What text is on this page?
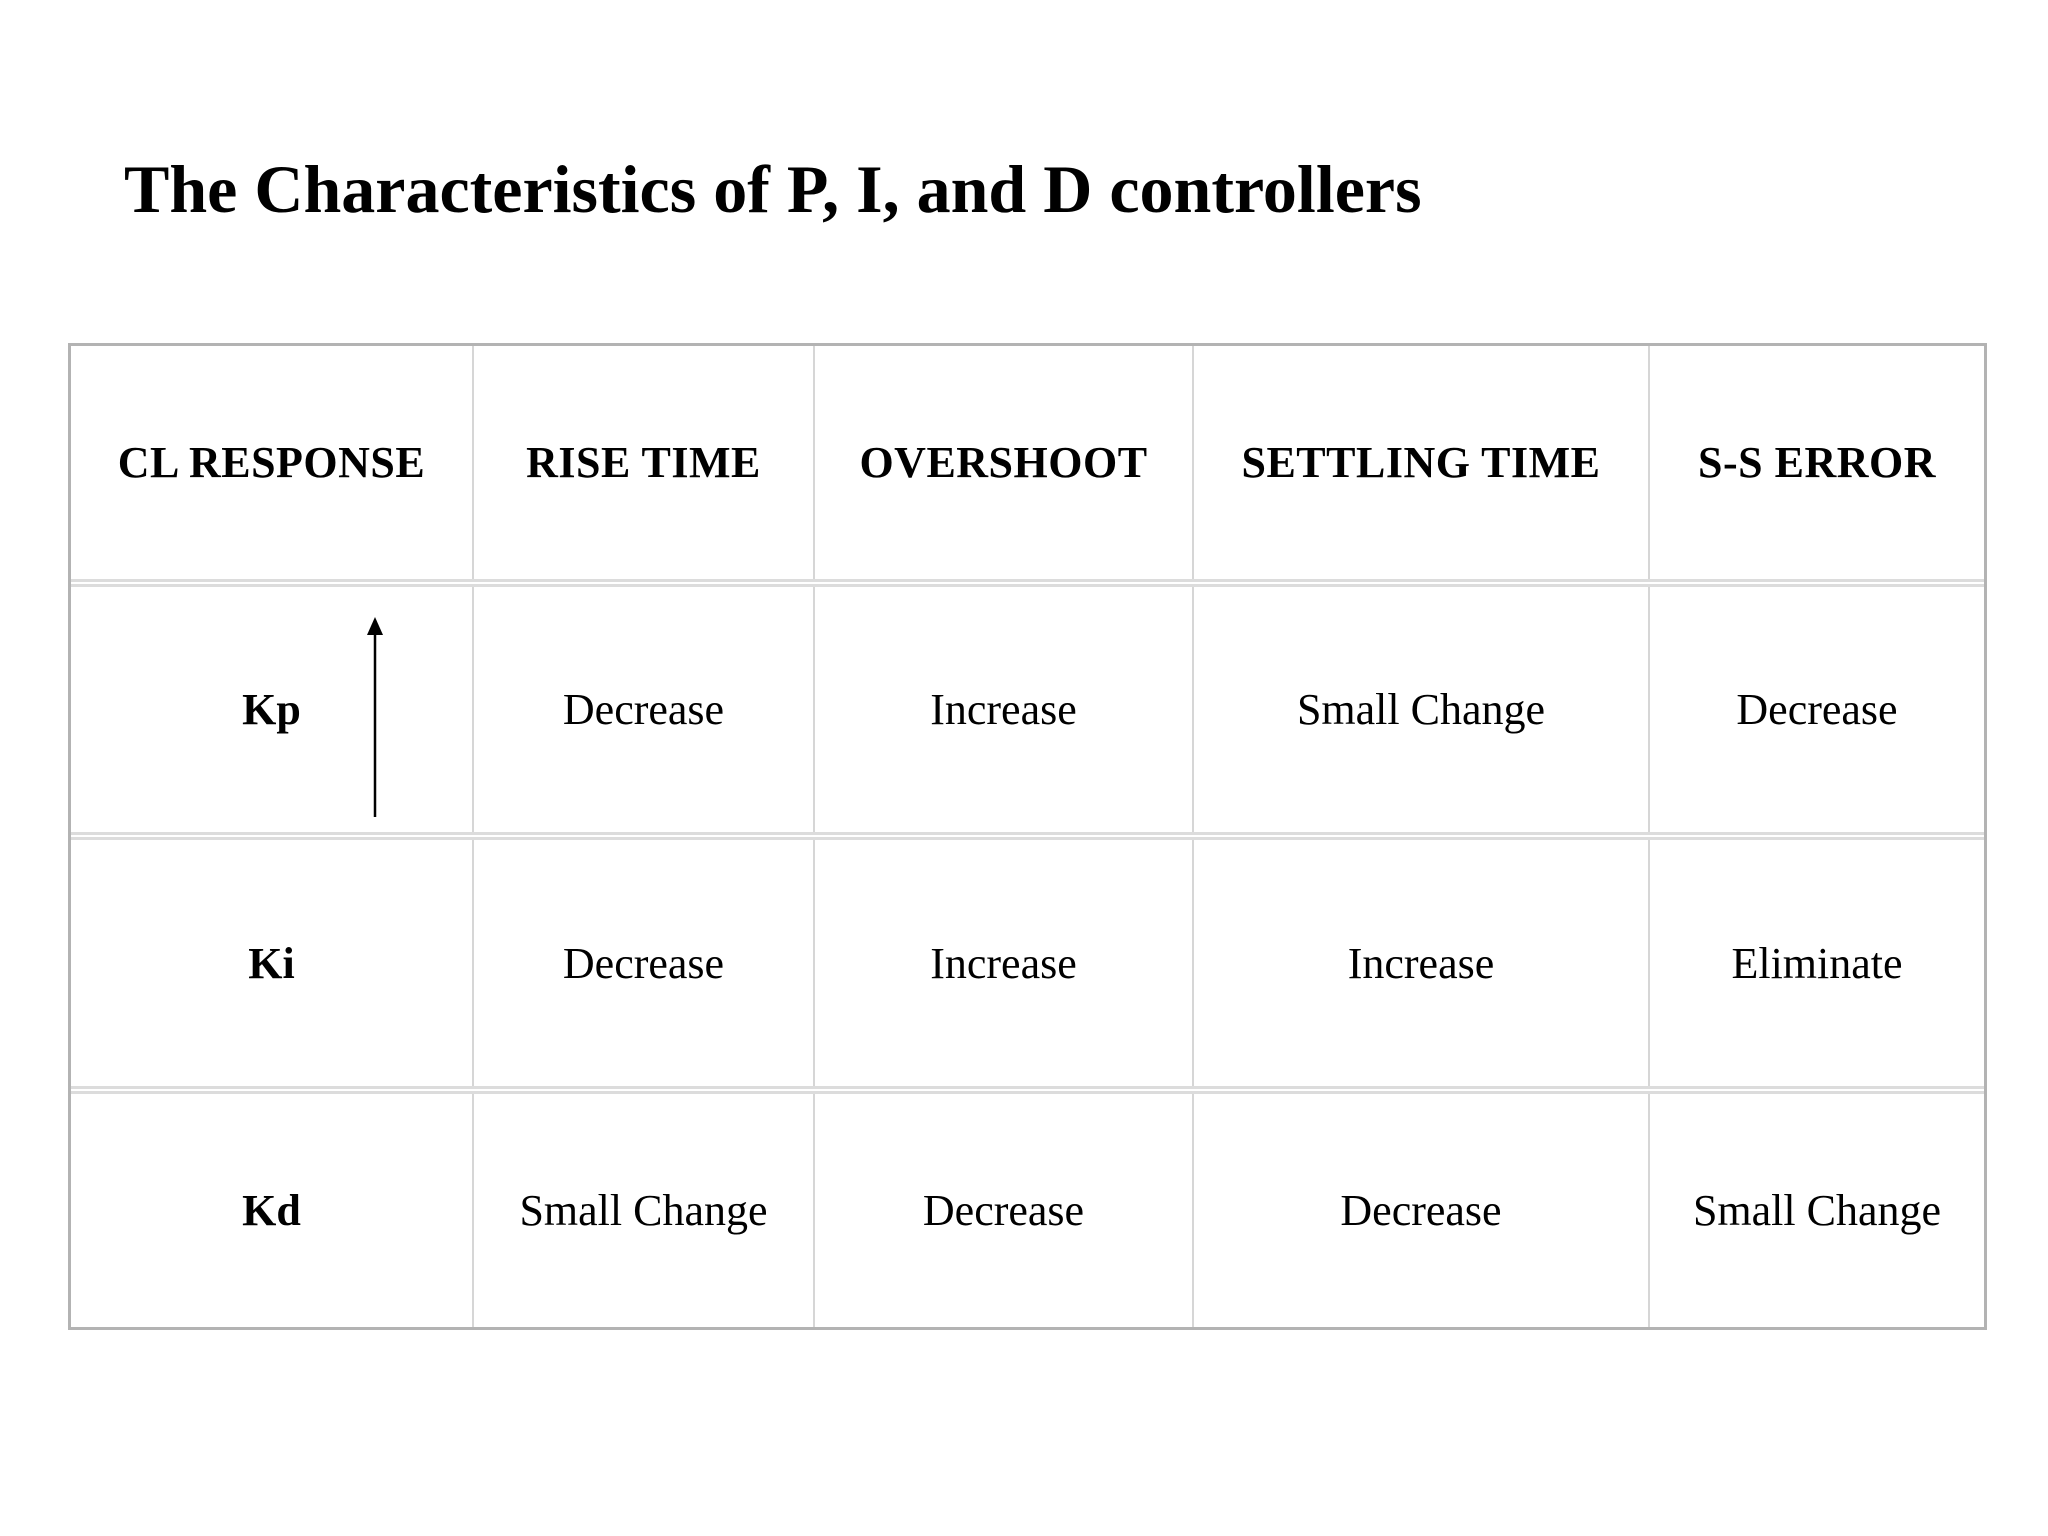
The Characteristics of P, I, and D controllers
CL RESPONSE	RISE TIME	OVERSHOOT	SETTLING TIME	S-S ERROR
Kp	Decrease	Increase	Small Change	Decrease
Ki	Decrease	Increase	Increase	Eliminate
Kd	Small Change	Decrease	Decrease	Small Change
